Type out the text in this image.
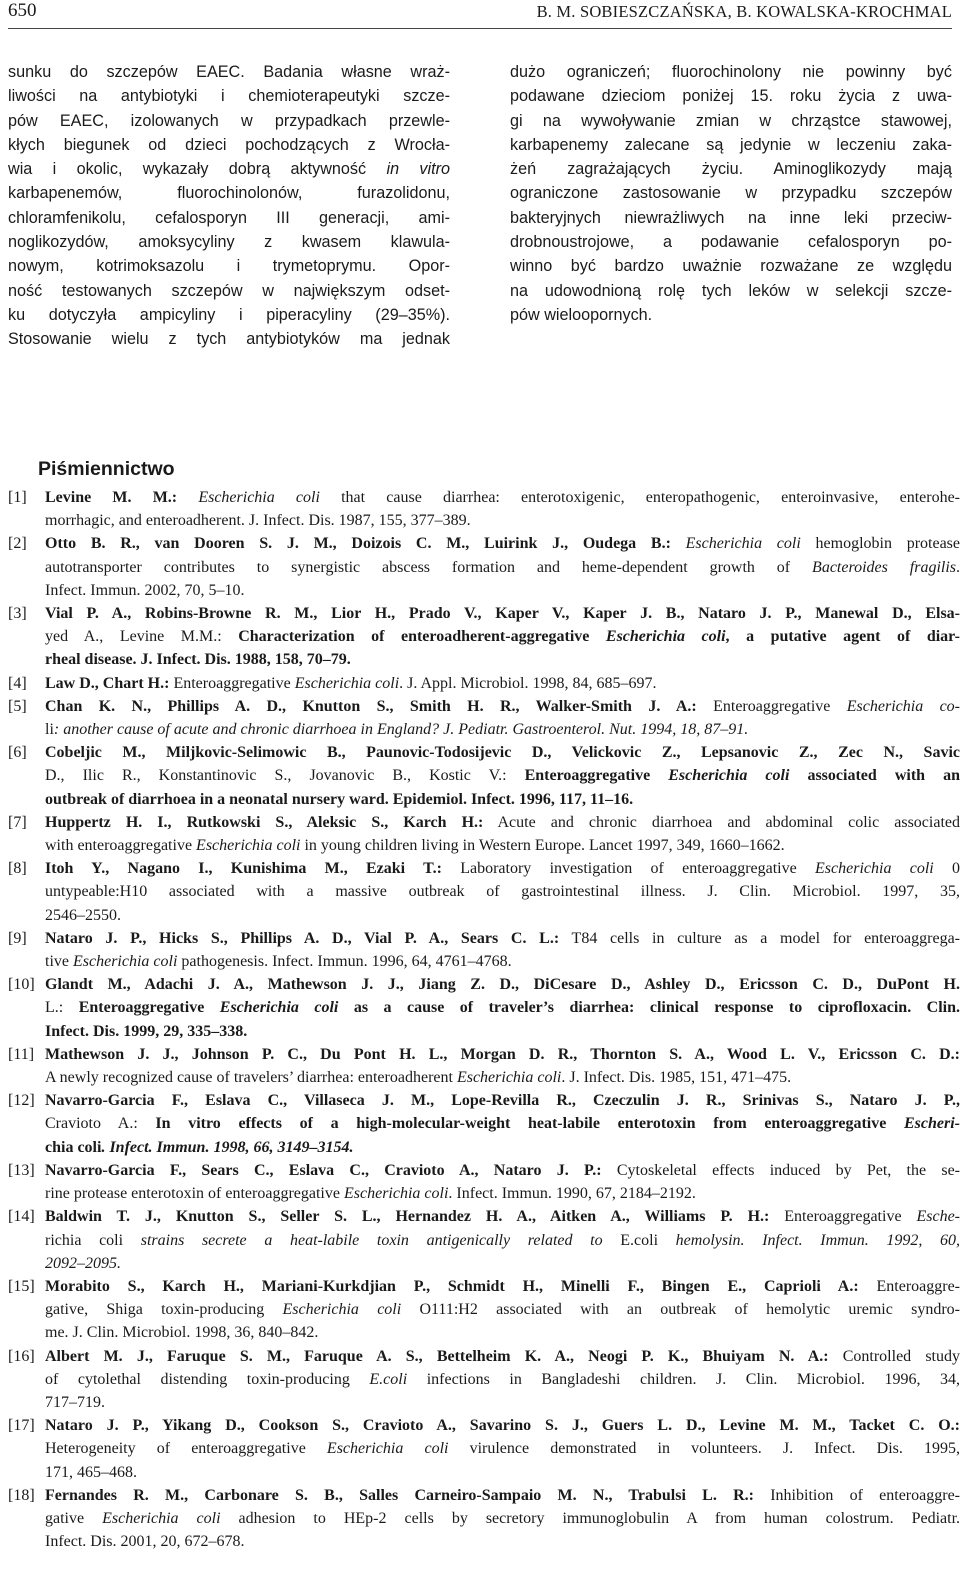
650	B. M. SOBIESZCZAŃSKA, B. KOWALSKA-KROCHMAL
sunku do szczepów EAEC. Badania własne wraż-
liwości na antybiotyki i chemioterapeutyki szcze-
pów EAEC, izolowanych w przypadkach przewle-
kłych biegunek od dzieci pochodzących z Wrocła-
wia i okolic, wykazały dobrą aktywność in vitro
karbapenemów, fluorochinolonów, furazolidonu,
chloramfenikolu, cefalosporyn III generacji, ami-
noglikozydów, amoksycyliny z kwasem klawula-
nowym, kotrimoksazolu i trymetoprymu. Opor-
ność testowanych szczepów w największym odset-
ku dotyczyła ampicyliny i piperacyliny (29–35%).
Stosowanie wielu z tych antybiotyków ma jednak
dużo ograniczeń; fluorochinolony nie powinny być
podawane dzieciom poniżej 15. roku życia z uwa-
gi na wywoływanie zmian w chrząstce stawowej,
karbapenemy zalecane są jedynie w leczeniu zaka-
żeń zagrażających życiu. Aminoglikozydy mają
ograniczone zastosowanie w przypadku szczepów
bakteryjnych niewrażliwych na inne leki przeciw-
drobnoustrojowe, a podawanie cefalosporyn po-
winno być bardzo uważnie rozważane ze względu
na udowodnioną rolę tych leków w selekcji szcze-
pów wieloopornych.
Piśmiennictwo
[1] Levine M. M.: Escherichia coli that cause diarrhea: enterotoxigenic, enteropathogenic, enteroinvasive, enterohe-
morrhagic, and enteroadherent. J. Infect. Dis. 1987, 155, 377–389.
[2] Otto B. R., van Dooren S. J. M., Doizois C. M., Luirink J., Oudega B.: Escherichia coli hemoglobin protease
autotransporter contributes to synergistic abscess formation and heme-dependent growth of Bacteroides fragilis.
Infect. Immun. 2002, 70, 5–10.
[3] Vial P. A., Robins-Browne R. M., Lior H., Prado V., Kaper V., Kaper J. B., Nataro J. P., Manewal D., Elsa-
yed A., Levine M.M.: Characterization of enteroadherent-aggregative Escherichia coli, a putative agent of diar-
rheal disease. J. Infect. Dis. 1988, 158, 70–79.
[4] Law D., Chart H.: Enteroaggregative Escherichia coli. J. Appl. Microbiol. 1998, 84, 685–697.
[5] Chan K. N., Phillips A. D., Knutton S., Smith H. R., Walker-Smith J. A.: Enteroaggregative Escherichia co-
li: another cause of acute and chronic diarrhoea in England? J. Pediatr. Gastroenterol. Nut. 1994, 18, 87–91.
[6] Cobeljic M., Miljkovic-Selimowic B., Paunovic-Todosijevic D., Velickovic Z., Lepsanovic Z., Zec N., Savic
D., Ilic R., Konstantinovic S., Jovanovic B., Kostic V.: Enteroaggregative Escherichia coli associated with an
outbreak of diarrhoea in a neonatal nursery ward. Epidemiol. Infect. 1996, 117, 11–16.
[7] Huppertz H. I., Rutkowski S., Aleksic S., Karch H.: Acute and chronic diarrhoea and abdominal colic associated
with enteroaggregative Escherichia coli in young children living in Western Europe. Lancet 1997, 349, 1660–1662.
[8] Itoh Y., Nagano I., Kunishima M., Ezaki T.: Laboratory investigation of enteroaggregative Escherichia coli 0
untypeable:H10 associated with a massive outbreak of gastrointestinal illness. J. Clin. Microbiol. 1997, 35,
2546–2550.
[9] Nataro J. P., Hicks S., Phillips A. D., Vial P. A., Sears C. L.: T84 cells in culture as a model for enteroaggrega-
tive Escherichia coli pathogenesis. Infect. Immun. 1996, 64, 4761–4768.
[10] Glandt M., Adachi J. A., Mathewson J. J., Jiang Z. D., DiCesare D., Ashley D., Ericsson C. D., DuPont H.
L.: Enteroaggregative Escherichia coli as a cause of traveler’s diarrhea: clinical response to ciprofloxacin. Clin.
Infect. Dis. 1999, 29, 335–338.
[11] Mathewson J. J., Johnson P. C., Du Pont H. L., Morgan D. R., Thornton S. A., Wood L. V., Ericsson C. D.:
A newly recognized cause of travelers’ diarrhea: enteroadherent Escherichia coli. J. Infect. Dis. 1985, 151, 471–475.
[12] Navarro-Garcia F., Eslava C., Villaseca J. M., Lope-Revilla R., Czeczulin J. R., Srinivas S., Nataro J. P.,
Cravioto A.: In vitro effects of a high-molecular-weight heat-labile enterotoxin from enteroaggregative Escheri-
chia coli. Infect. Immun. 1998, 66, 3149–3154.
[13] Navarro-Garcia F., Sears C., Eslava C., Cravioto A., Nataro J. P.: Cytoskeletal effects induced by Pet, the se-
rine protease enterotoxin of enteroaggregative Escherichia coli. Infect. Immun. 1990, 67, 2184–2192.
[14] Baldwin T. J., Knutton S., Seller S. L., Hernandez H. A., Aitken A., Williams P. H.: Enteroaggregative Esche-
richia coli strains secrete a heat-labile toxin antigenically related to E.coli hemolysin. Infect. Immun. 1992, 60,
2092–2095.
[15] Morabito S., Karch H., Mariani-Kurkdjian P., Schmidt H., Minelli F., Bingen E., Caprioli A.: Enteroaggre-
gative, Shiga toxin-producing Escherichia coli O111:H2 associated with an outbreak of hemolytic uremic syndro-
me. J. Clin. Microbiol. 1998, 36, 840–842.
[16] Albert M. J., Faruque S. M., Faruque A. S., Bettelheim K. A., Neogi P. K., Bhuiyam N. A.: Controlled study
of cytolethal distending toxin-producing E.coli infections in Bangladeshi children. J. Clin. Microbiol. 1996, 34,
717–719.
[17] Nataro J. P., Yikang D., Cookson S., Cravioto A., Savarino S. J., Guers L. D., Levine M. M., Tacket C. O.:
Heterogeneity of enteroaggregative Escherichia coli virulence demonstrated in volunteers. J. Infect. Dis. 1995,
171, 465–468.
[18] Fernandes R. M., Carbonare S. B., Salles Carneiro-Sampaio M. N., Trabulsi L. R.: Inhibition of enteroaggre-
gative Escherichia coli adhesion to HEp-2 cells by secretory immunoglobulin A from human colostrum. Pediatr.
Infect. Dis. 2001, 20, 672–678.
